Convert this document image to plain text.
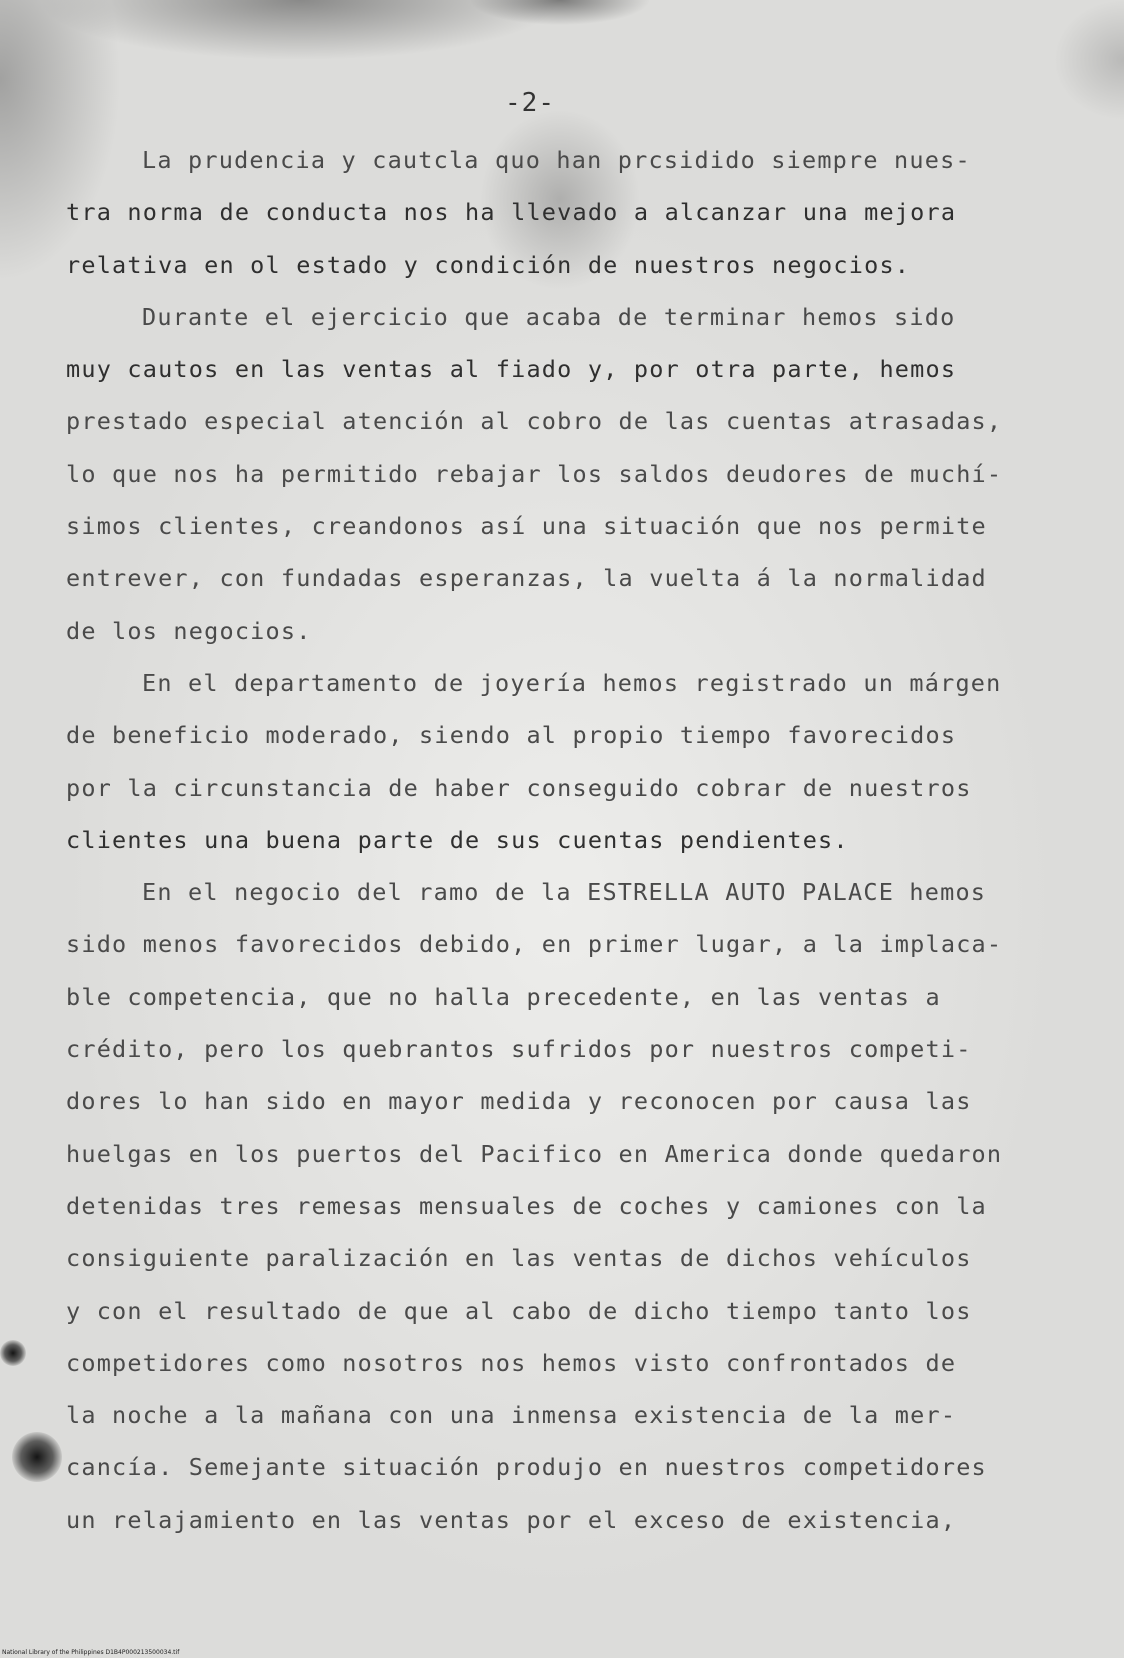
-2-
La prudencia y cautcla quo han prcsidido siempre nues-
tra norma de conducta nos ha llevado a alcanzar una mejora
relativa en ol estado y condición de nuestros negocios.
Durante el ejercicio que acaba de terminar hemos sido
muy cautos en las ventas al fiado y, por otra parte, hemos
prestado especial atención al cobro de las cuentas atrasadas,
lo que nos ha permitido rebajar los saldos deudores de muchí-
simos clientes, creandonos así una situación que nos permite
entrever, con fundadas esperanzas, la vuelta á la normalidad
de los negocios.
En el departamento de joyería hemos registrado un márgen
de beneficio moderado, siendo al propio tiempo favorecidos
por la circunstancia de haber conseguido cobrar de nuestros
clientes una buena parte de sus cuentas pendientes.
En el negocio del ramo de la ESTRELLA AUTO PALACE hemos
sido menos favorecidos debido, en primer lugar, a la implaca-
ble competencia, que no halla precedente, en las ventas a
crédito, pero los quebrantos sufridos por nuestros competi-
dores lo han sido en mayor medida y reconocen por causa las
huelgas en los puertos del Pacifico en America donde quedaron
detenidas tres remesas mensuales de coches y camiones con la
consiguiente paralización en las ventas de dichos vehículos
y con el resultado de que al cabo de dicho tiempo tanto los
competidores como nosotros nos hemos visto confrontados de
la noche a la mañana con una inmensa existencia de la mer-
cancía. Semejante situación produjo en nuestros competidores
un relajamiento en las ventas por el exceso de existencia,
National Library of the Philippines D1B4P000213500034.tif
